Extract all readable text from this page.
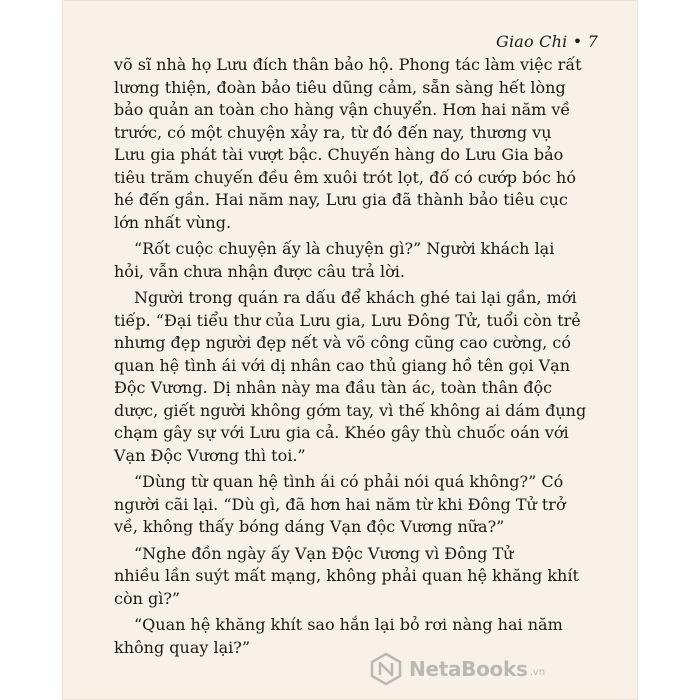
Giao Chi • 7
võ sĩ nhà họ Lưu đích thân bảo hộ. Phong tác làm việc rất
lương thiện, đoàn bảo tiêu dũng cảm, sẵn sàng hết lòng
bảo quản an toàn cho hàng vận chuyển. Hơn hai năm về
trước, có một chuyện xảy ra, từ đó đến nay, thương vụ
Lưu gia phát tài vượt bậc. Chuyến hàng do Lưu Gia bảo
tiêu trăm chuyến đều êm xuôi trót lọt, đố có cướp bóc hó
hé đến gần. Hai năm nay, Lưu gia đã thành bảo tiêu cục
lớn nhất vùng.
“Rốt cuộc chuyện ấy là chuyện gì?” Người khách lại
hỏi, vẫn chưa nhận được câu trả lời.
Người trong quán ra dấu để khách ghé tai lại gần, mới
tiếp. “Đại tiểu thư của Lưu gia, Lưu Đông Tử, tuổi còn trẻ
nhưng đẹp người đẹp nết và võ công cũng cao cường, có
quan hệ tình ái với dị nhân cao thủ giang hồ tên gọi Vạn
Độc Vương. Dị nhân này ma đầu tàn ác, toàn thân độc
dược, giết người không gớm tay, vì thế không ai dám đụng
chạm gây sự với Lưu gia cả. Khéo gây thù chuốc oán với
Vạn Độc Vương thì toi.”
“Dùng từ quan hệ tình ái có phải nói quá không?” Có
người cãi lại. “Dù gì, đã hơn hai năm từ khi Đông Tử trở
về, không thấy bóng dáng Vạn độc Vương nữa?”
“Nghe đồn ngày ấy Vạn Độc Vương vì Đông Tử
nhiều lần suýt mất mạng, không phải quan hệ khăng khít
còn gì?”
“Quan hệ khăng khít sao hắn lại bỏ rơi nàng hai năm
không quay lại?”
NetaBooks .vn
